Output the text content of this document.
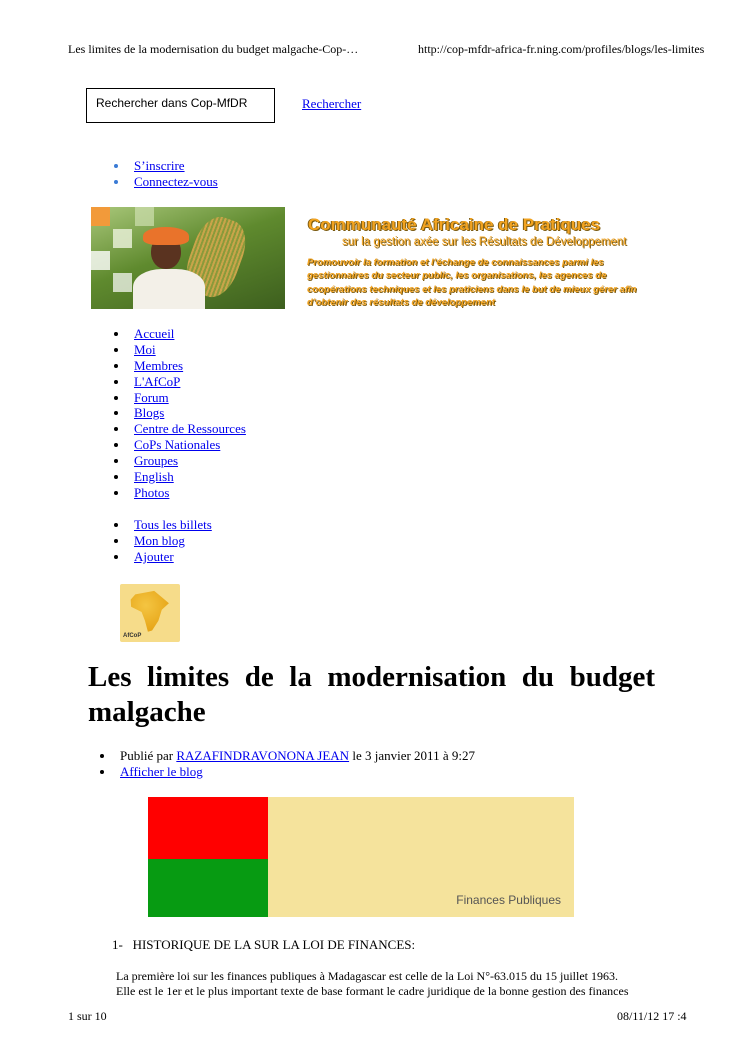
Les limites de la modernisation du budget malgache-Cop-…	http://cop-mfdr-africa-fr.ning.com/profiles/blogs/les-limites
Rechercher dans Cop-MfDR	Rechercher
S’inscrire
Connectez-vous
Communauté Africaine de Pratiques
sur la gestion axée sur les Résultats de Développement
Promouvoir la formation et l’échange de connaissances parmi les gestionnaires du secteur public, les organisations, les agences de coopérations techniques et les praticiens dans le but de mieux gérer afin d’obtenir des résultats de développement
Accueil
Moi
Membres
L'AfCoP
Forum
Blogs
Centre de Ressources
CoPs Nationales
Groupes
English
Photos
Tous les billets
Mon blog
Ajouter
AfCoP
Les limites de la modernisation du budget malgache
Publié par RAZAFINDRAVONONA JEAN le 3 janvier 2011 à 9:27
Afficher le blog
Finances Publiques
1- HISTORIQUE DE LA SUR LA LOI DE FINANCES:
La première loi sur les finances publiques à Madagascar est celle de la Loi N°-63.015 du 15 juillet 1963.
Elle est le 1er et le plus important texte de base formant le cadre juridique de la bonne gestion des finances
1 sur 10	08/11/12 17 :4
